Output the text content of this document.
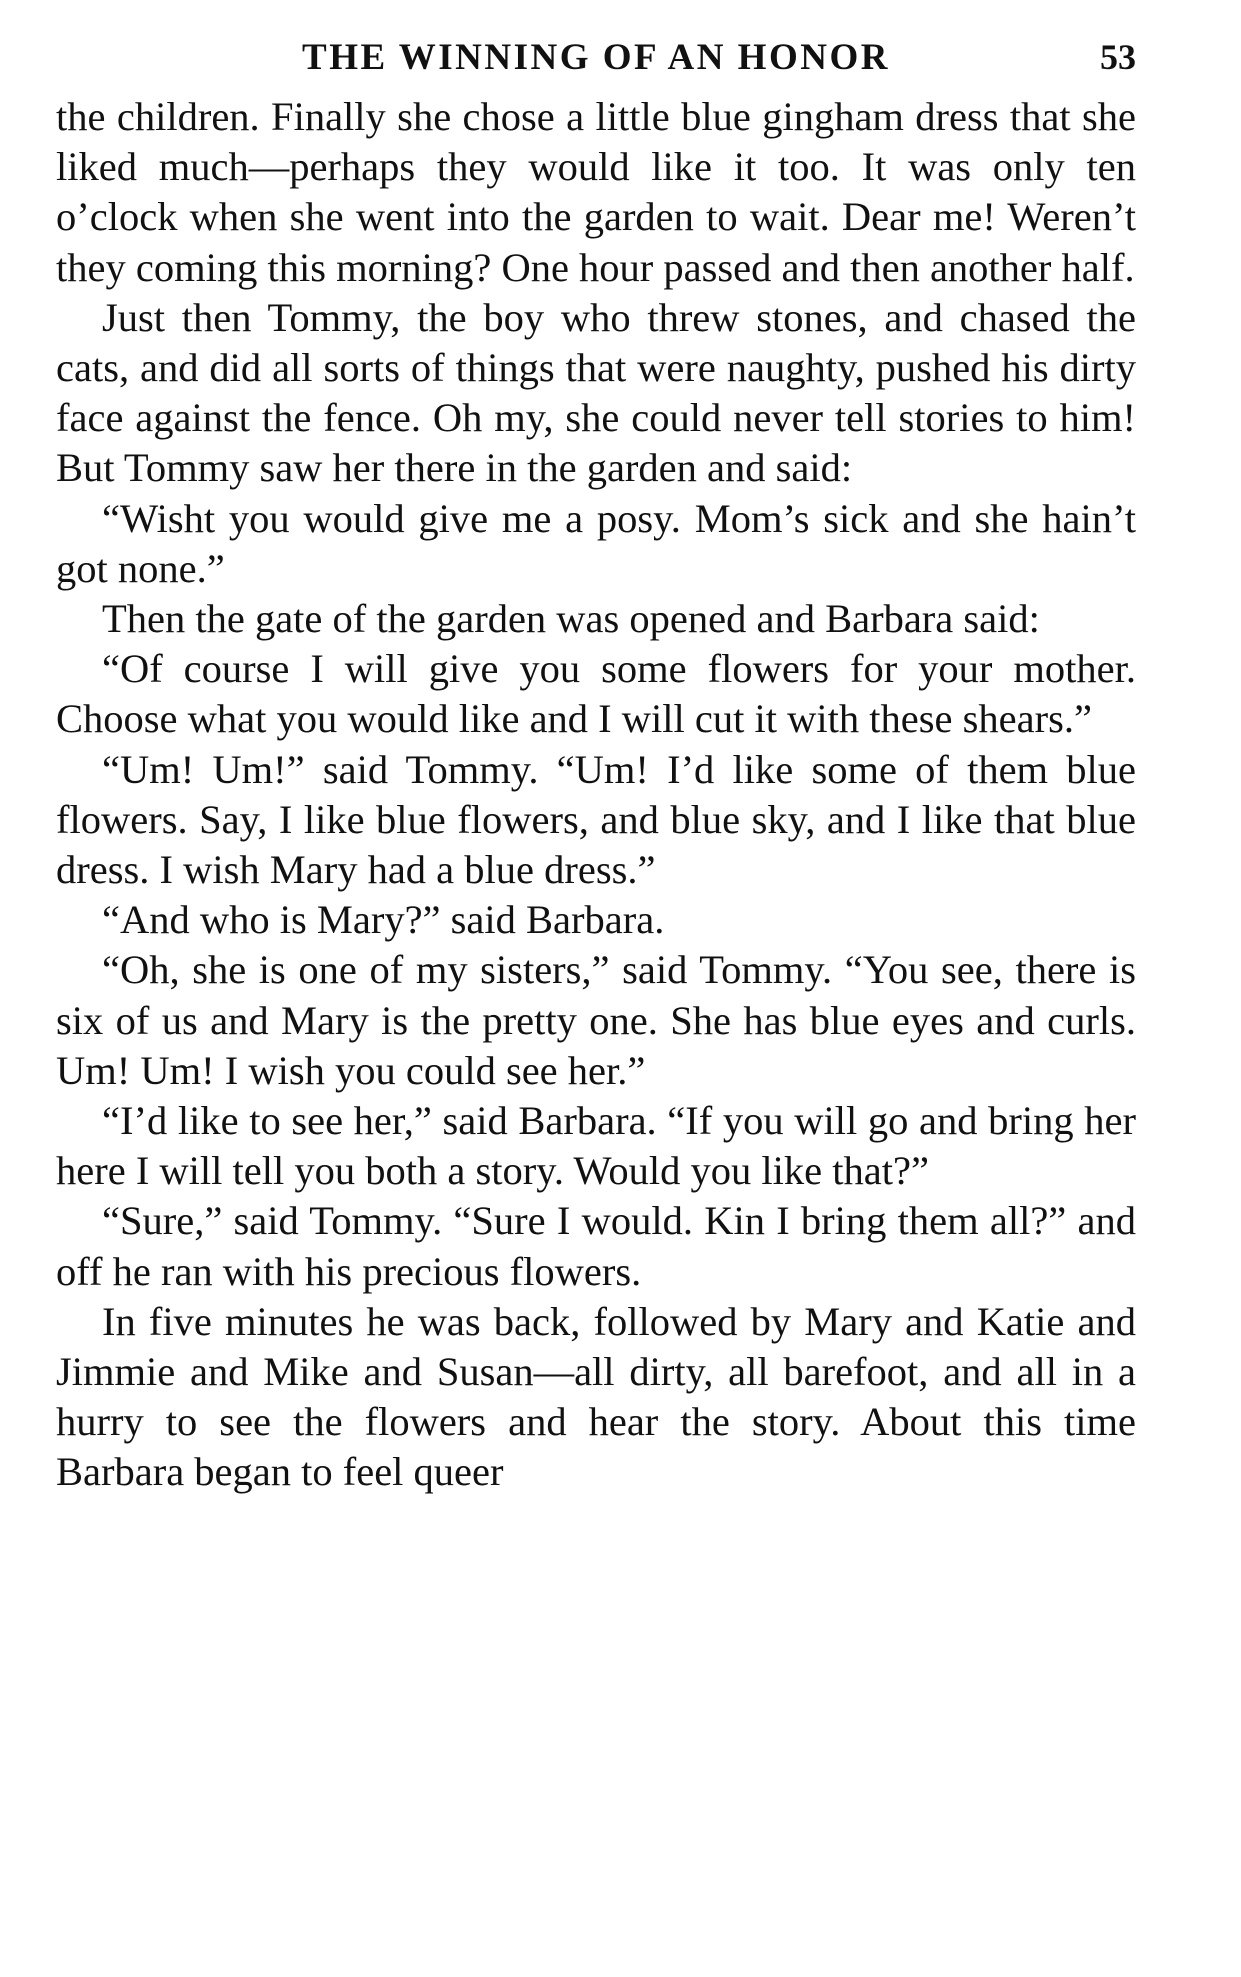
THE WINNING OF AN HONOR	53

the children. Finally she chose a little blue gingham dress that she liked much—perhaps they would like it too. It was only ten o’clock when she went into the garden to wait. Dear me! Weren’t they coming this morning? One hour passed and then another half.

Just then Tommy, the boy who threw stones, and chased the cats, and did all sorts of things that were naughty, pushed his dirty face against the fence. Oh my, she could never tell stories to him! But Tommy saw her there in the garden and said:

“Wisht you would give me a posy. Mom’s sick and she hain’t got none.”

Then the gate of the garden was opened and Barbara said:

“Of course I will give you some flowers for your mother. Choose what you would like and I will cut it with these shears.”

“Um! Um!” said Tommy. “Um! I’d like some of them blue flowers. Say, I like blue flowers, and blue sky, and I like that blue dress. I wish Mary had a blue dress.”

“And who is Mary?” said Barbara.

“Oh, she is one of my sisters,” said Tommy. “You see, there is six of us and Mary is the pretty one. She has blue eyes and curls. Um! Um! I wish you could see her.”

“I’d like to see her,” said Barbara. “If you will go and bring her here I will tell you both a story. Would you like that?”

“Sure,” said Tommy. “Sure I would. Kin I bring them all?” and off he ran with his precious flowers.

In five minutes he was back, followed by Mary and Katie and Jimmie and Mike and Susan—all dirty, all barefoot, and all in a hurry to see the flowers and hear the story. About this time Barbara began to feel queer
